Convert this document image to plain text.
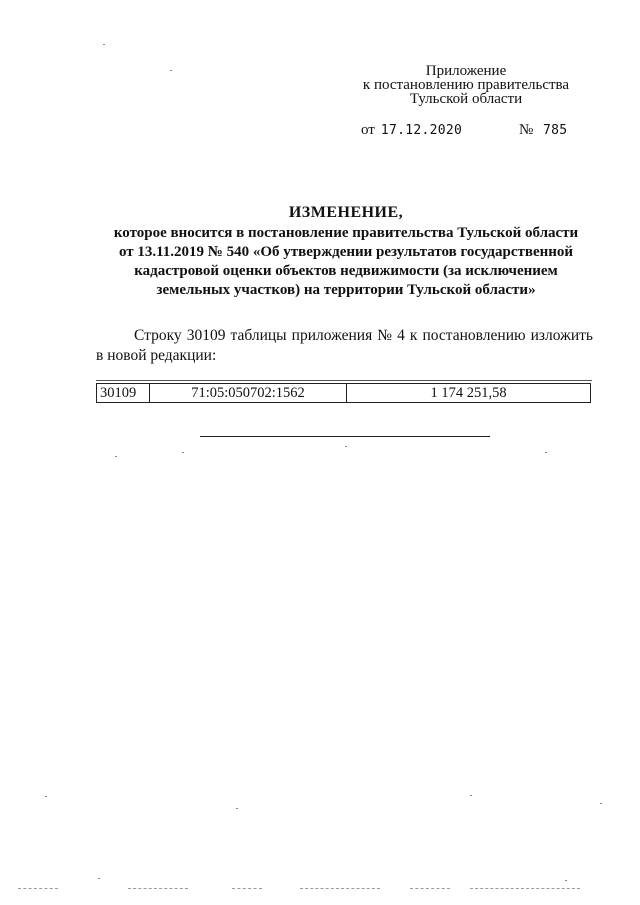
Приложение
к постановлению правительства
Тульской области
от 17.12.2020	№ 785
ИЗМЕНЕНИЕ,
которое вносится в постановление правительства Тульской области
от 13.11.2019 № 540 «Об утверждении результатов государственной
кадастровой оценки объектов недвижимости (за исключением
земельных участков) на территории Тульской области»
Строку 30109 таблицы приложения № 4 к постановлению изложить
в новой редакции:
30109	71:05:050702:1562	1 174 251,58
